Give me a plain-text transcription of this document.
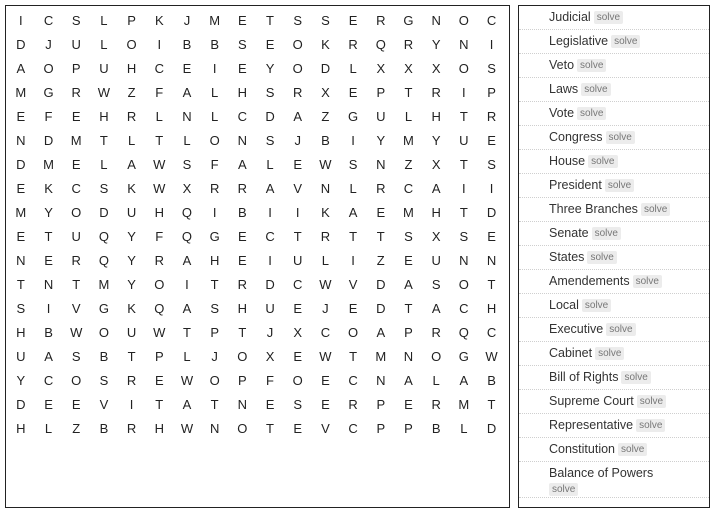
I	C	S	L	P	K	J	M	E	T	S	S	E	R	G	N	O	C
D	J	U	L	O	I	B	B	S	E	O	K	R	Q	R	Y	N	I
A	O	P	U	H	C	E	I	E	Y	O	D	L	X	X	X	O	S
M	G	R	W	Z	F	A	L	H	S	R	X	E	P	T	R	I	P
E	F	E	H	R	L	N	L	C	D	A	Z	G	U	L	H	T	R
N	D	M	T	L	T	L	O	N	S	J	B	I	Y	M	Y	U	E
D	M	E	L	A	W	S	F	A	L	E	W	S	N	Z	X	T	S
E	K	C	S	K	W	X	R	R	A	V	N	L	R	C	A	I	I
M	Y	O	D	U	H	Q	I	B	I	I	K	A	E	M	H	T	D
E	T	U	Q	Y	F	Q	G	E	C	T	R	T	T	S	X	S	E
N	E	R	Q	Y	R	A	H	E	I	U	L	I	Z	E	U	N	N
T	N	T	M	Y	O	I	T	R	D	C	W	V	D	A	S	O	T
S	I	V	G	K	Q	A	S	H	U	E	J	E	D	T	A	C	H
H	B	W	O	U	W	T	P	T	J	X	C	O	A	P	R	Q	C
U	A	S	B	T	P	L	J	O	X	E	W	T	M	N	O	G	W
Y	C	O	S	R	E	W	O	P	F	O	E	C	N	A	L	A	B
D	E	E	V	I	T	A	T	N	E	S	E	R	P	E	R	M	T
H	L	Z	B	R	H	W	N	O	T	E	V	C	P	P	B	L	D
Judicial solve
Legislative solve
Veto solve
Laws solve
Vote solve
Congress solve
House solve
President solve
Three Branches solve
Senate solve
States solve
Amendements solve
Local solve
Executive solve
Cabinet solve
Bill of Rights solve
Supreme Court solve
Representative solve
Constitution solve
Balance of Powers
solve
